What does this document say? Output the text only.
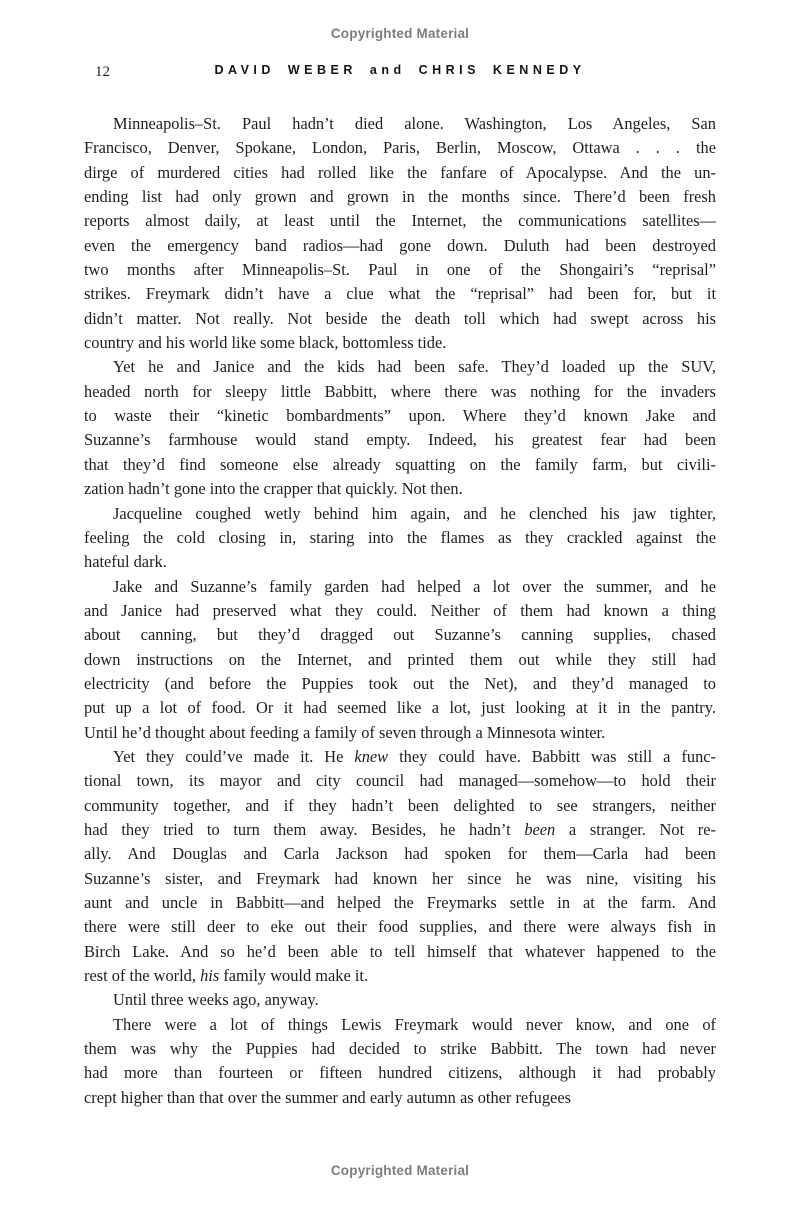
Copyrighted Material
12	DAVID WEBER and CHRIS KENNEDY
Minneapolis–St. Paul hadn’t died alone. Washington, Los Angeles, San
Francisco, Denver, Spokane, London, Paris, Berlin, Moscow, Ottawa . . . the
dirge of murdered cities had rolled like the fanfare of Apocalypse. And the un-
ending list had only grown and grown in the months since. There’d been fresh
reports almost daily, at least until the Internet, the communications satellites—
even the emergency band radios—had gone down. Duluth had been destroyed
two months after Minneapolis–St. Paul in one of the Shongairi’s “reprisal”
strikes. Freymark didn’t have a clue what the “reprisal” had been for, but it
didn’t matter. Not really. Not beside the death toll which had swept across his
country and his world like some black, bottomless tide.
Yet he and Janice and the kids had been safe. They’d loaded up the SUV,
headed north for sleepy little Babbitt, where there was nothing for the invaders
to waste their “kinetic bombardments” upon. Where they’d known Jake and
Suzanne’s farmhouse would stand empty. Indeed, his greatest fear had been
that they’d find someone else already squatting on the family farm, but civili-
zation hadn’t gone into the crapper that quickly. Not then.
Jacqueline coughed wetly behind him again, and he clenched his jaw tighter,
feeling the cold closing in, staring into the flames as they crackled against the
hateful dark.
Jake and Suzanne’s family garden had helped a lot over the summer, and he
and Janice had preserved what they could. Neither of them had known a thing
about canning, but they’d dragged out Suzanne’s canning supplies, chased
down instructions on the Internet, and printed them out while they still had
electricity (and before the Puppies took out the Net), and they’d managed to
put up a lot of food. Or it had seemed like a lot, just looking at it in the pantry.
Until he’d thought about feeding a family of seven through a Minnesota winter.
Yet they could’ve made it. He knew they could have. Babbitt was still a func-
tional town, its mayor and city council had managed—somehow—to hold their
community together, and if they hadn’t been delighted to see strangers, neither
had they tried to turn them away. Besides, he hadn’t been a stranger. Not re-
ally. And Douglas and Carla Jackson had spoken for them—Carla had been
Suzanne’s sister, and Freymark had known her since he was nine, visiting his
aunt and uncle in Babbitt—and helped the Freymarks settle in at the farm. And
there were still deer to eke out their food supplies, and there were always fish in
Birch Lake. And so he’d been able to tell himself that whatever happened to the
rest of the world, his family would make it.
Until three weeks ago, anyway.
There were a lot of things Lewis Freymark would never know, and one of
them was why the Puppies had decided to strike Babbitt. The town had never
had more than fourteen or fifteen hundred citizens, although it had probably
crept higher than that over the summer and early autumn as other refugees
Copyrighted Material
